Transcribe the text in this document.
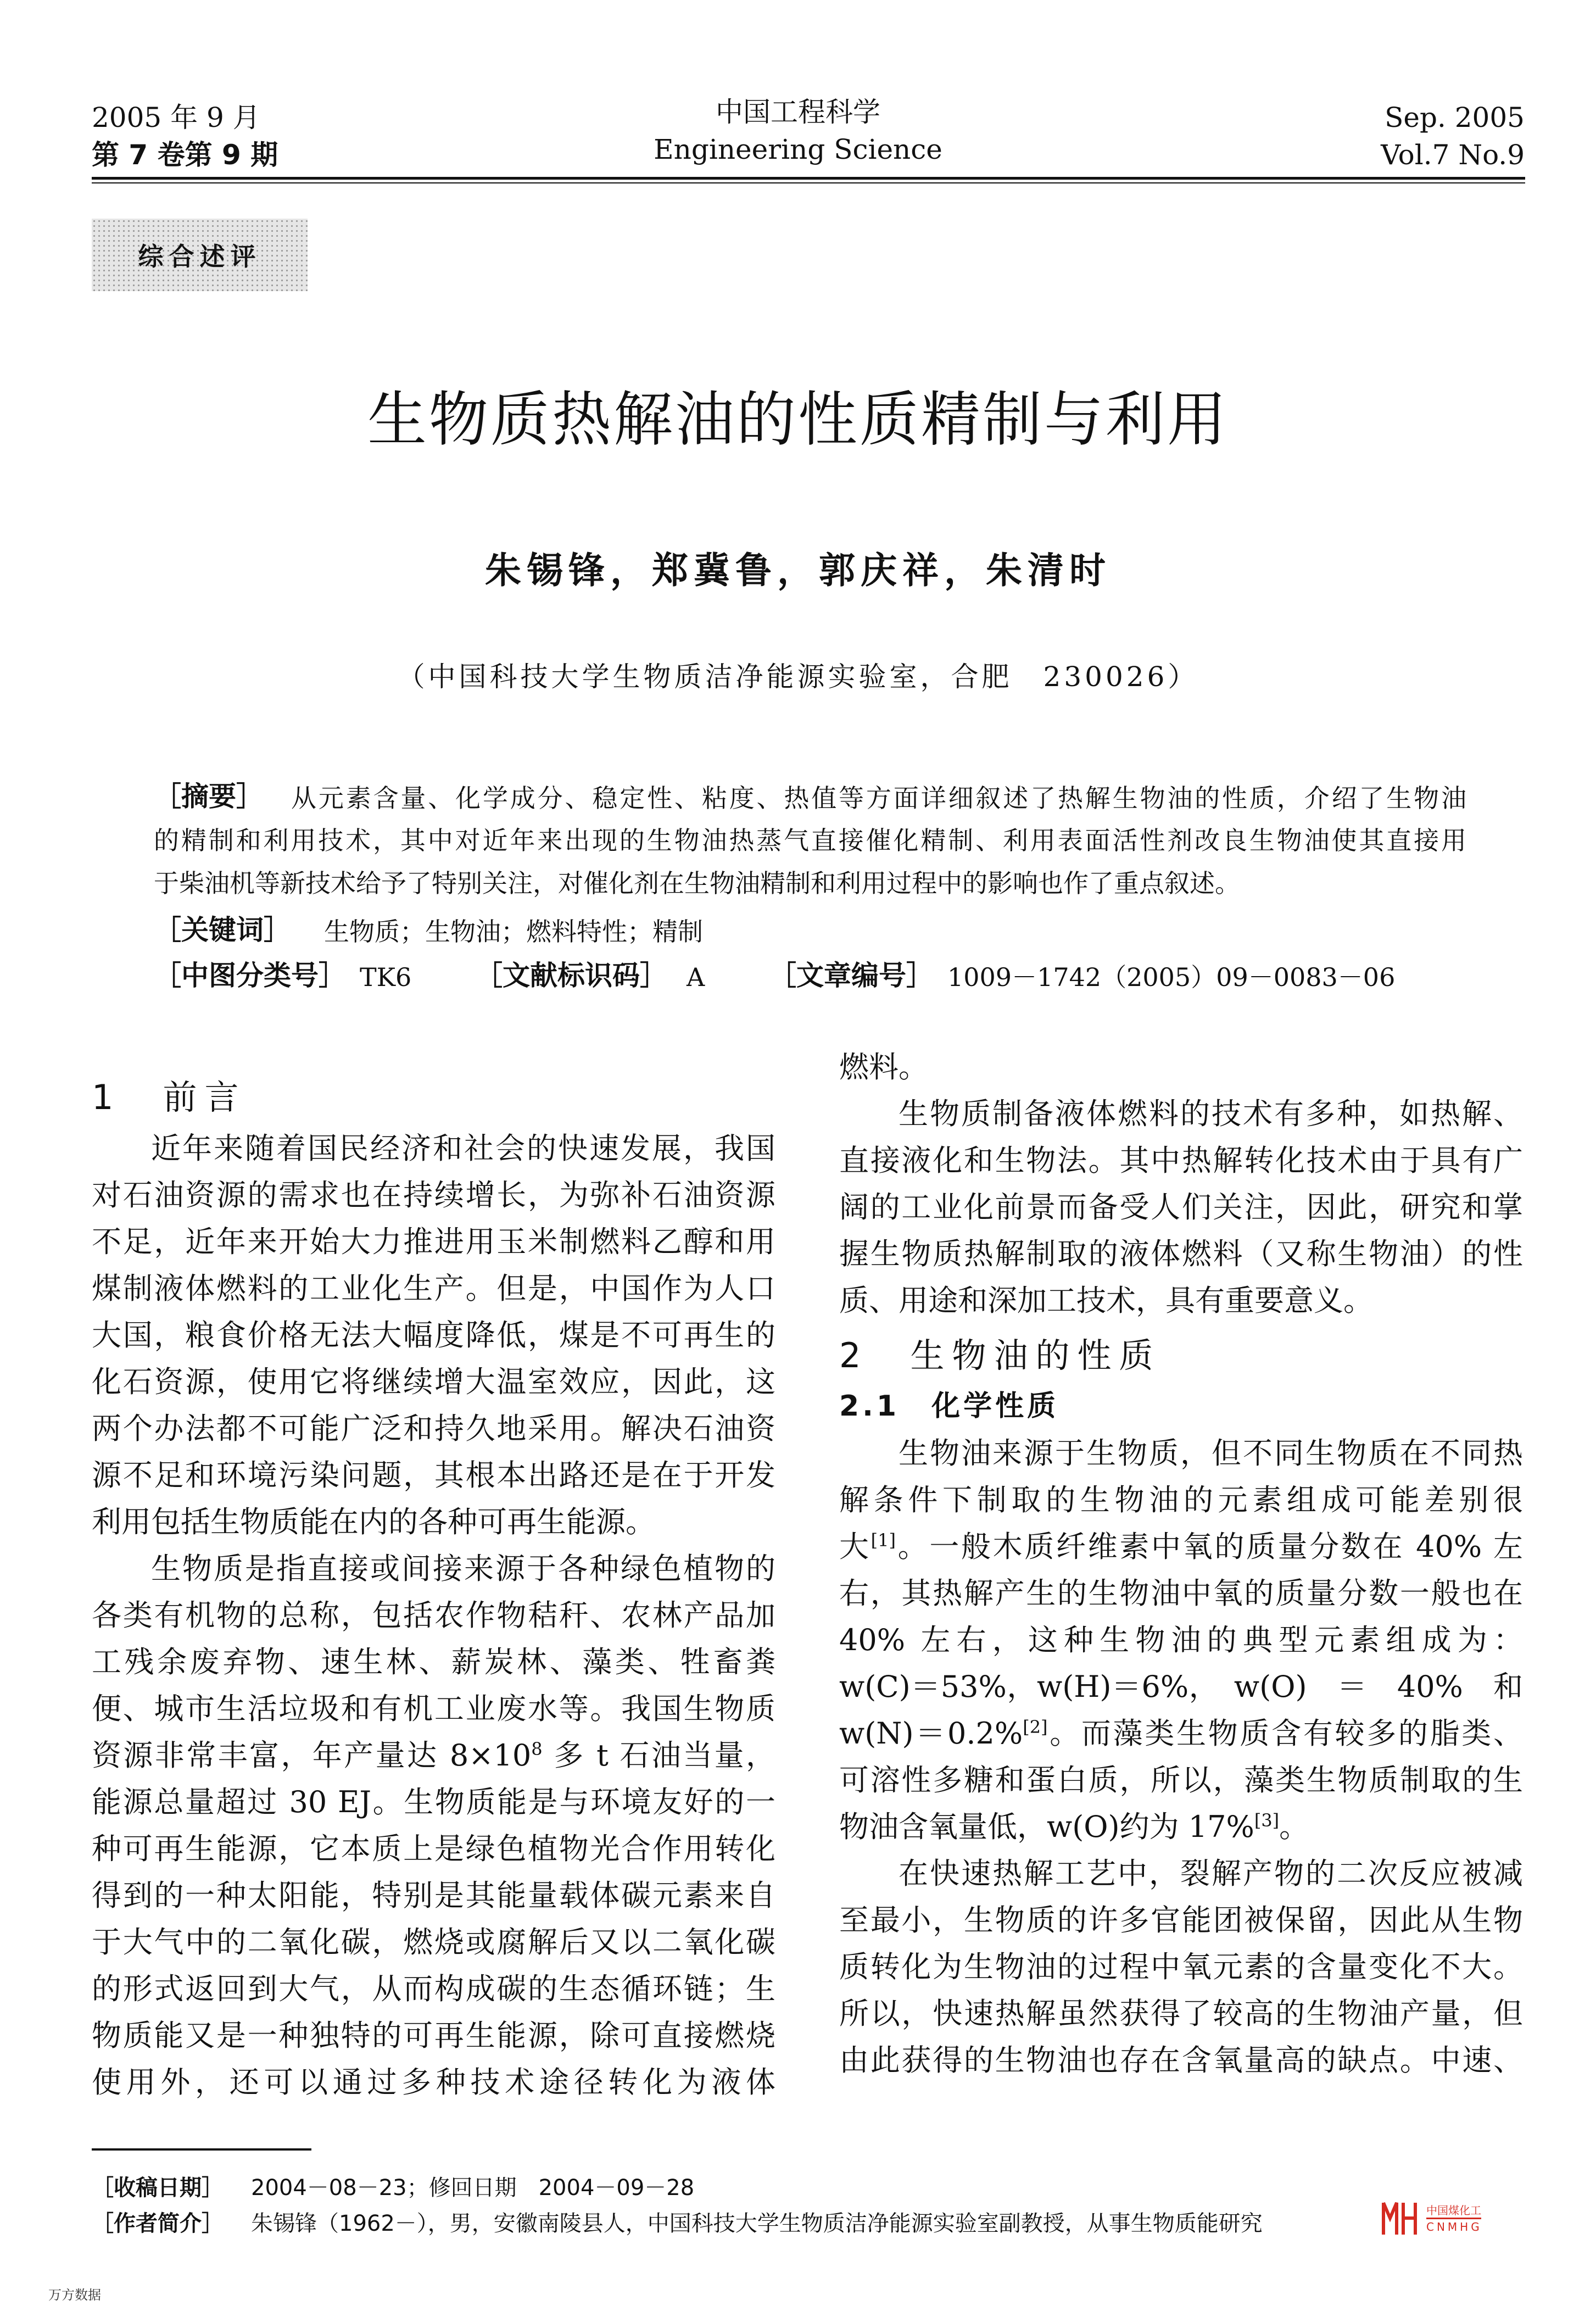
2005 年 9 月
第 7 卷第 9 期
中国工程科学
Engineering Science
Sep. 2005
Vol.7 No.9
综合述评
生物质热解油的性质精制与利用
朱锡锋，郑冀鲁，郭庆祥，朱清时
（中国科技大学生物质洁净能源实验室，合肥　230026）
［摘要］ 从元素含量、化学成分、稳定性、粘度、热值等方面详细叙述了热解生物油的性质，介绍了生物油
的精制和利用技术，其中对近年来出现的生物油热蒸气直接催化精制、利用表面活性剂改良生物油使其直接用
于柴油机等新技术给予了特别关注，对催化剂在生物油精制和利用过程中的影响也作了重点叙述。
［关键词］ 生物质；生物油；燃料特性；精制
［中图分类号］ TK6 ［文献标识码］ A ［文章编号］ 1009－1742（2005）09－0083－06
1　前言
近年来随着国民经济和社会的快速发展，我国
对石油资源的需求也在持续增长，为弥补石油资源
不足，近年来开始大力推进用玉米制燃料乙醇和用
煤制液体燃料的工业化生产。但是，中国作为人口
大国，粮食价格无法大幅度降低，煤是不可再生的
化石资源，使用它将继续增大温室效应，因此，这
两个办法都不可能广泛和持久地采用。解决石油资
源不足和环境污染问题，其根本出路还是在于开发
利用包括生物质能在内的各种可再生能源。
生物质是指直接或间接来源于各种绿色植物的
各类有机物的总称，包括农作物秸秆、农林产品加
工残余废弃物、速生林、薪炭林、藻类、牲畜粪
便、城市生活垃圾和有机工业废水等。我国生物质
资源非常丰富，年产量达 $8\times 10^8$ 多 t 石油当量，
能源总量超过 30 EJ。生物质能是与环境友好的一
种可再生能源，它本质上是绿色植物光合作用转化
得到的一种太阳能，特别是其能量载体碳元素来自
于大气中的二氧化碳，燃烧或腐解后又以二氧化碳
的形式返回到大气，从而构成碳的生态循环链；生
物质能又是一种独特的可再生能源，除可直接燃烧
使用外，还可以通过多种技术途径转化为液体
燃料。
生物质制备液体燃料的技术有多种，如热解、
直接液化和生物法。其中热解转化技术由于具有广
阔的工业化前景而备受人们关注，因此，研究和掌
握生物质热解制取的液体燃料（又称生物油）的性
质、用途和深加工技术，具有重要意义。
2　生物油的性质
2.1　化学性质
生物油来源于生物质，但不同生物质在不同热
解条件下制取的生物油的元素组成可能差别很
大[1]。一般木质纤维素中氧的质量分数在 40% 左
右，其热解产生的生物油中氧的质量分数一般也在
40% 左右，这种生物油的典型元素组成为：
w(C)＝53%，w(H)＝6%，　w(O)　＝　40%　和
w(N)＝0.2%[2]。而藻类生物质含有较多的脂类、
可溶性多糖和蛋白质，所以，藻类生物质制取的生
物油含氧量低，w(O)约为 17%[3]。
在快速热解工艺中，裂解产物的二次反应被减
至最小，生物质的许多官能团被保留，因此从生物
质转化为生物油的过程中氧元素的含量变化不大。
所以，快速热解虽然获得了较高的生物油产量，但
由此获得的生物油也存在含氧量高的缺点。中速、
［收稿日期］ 2004－08－23；修回日期　2004－09－28
［作者简介］ 朱锡锋（1962－），男，安徽南陵县人，中国科技大学生物质洁净能源实验室副教授，从事生物质能研究
中国煤化工
CNMHG
万方数据
